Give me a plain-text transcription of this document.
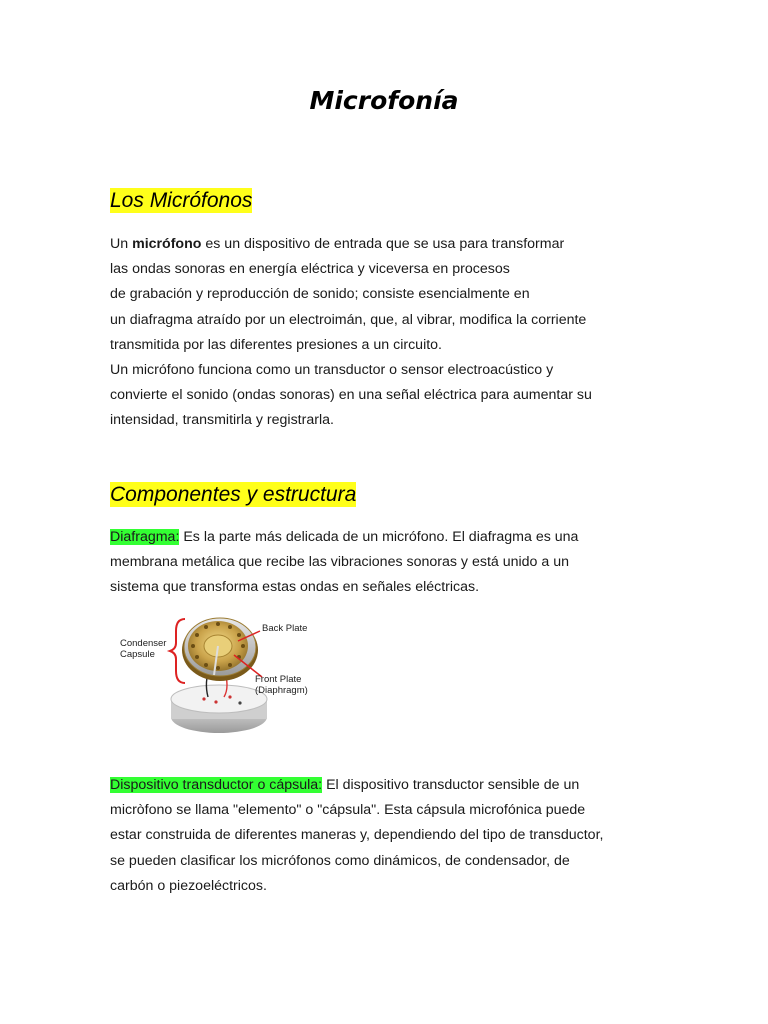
Microfonía
Los Micrófonos
Un micrófono es un dispositivo de entrada que se usa para transformar
las ondas sonoras en energía eléctrica y viceversa en procesos
de grabación y reproducción de sonido; consiste esencialmente en
un diafragma atraído por un electroimán, que, al vibrar, modifica la corriente
transmitida por las diferentes presiones a un circuito.
Un micrófono funciona como un transductor o sensor electroacústico y
convierte el sonido (ondas sonoras) en una señal eléctrica para aumentar su
intensidad, transmitirla y registrarla.
Componentes y estructura
Diafragma: Es la parte más delicada de un micrófono. El diafragma es una
membrana metálica que recibe las vibraciones sonoras y está unido a un
sistema que transforma estas ondas en señales eléctricas.
Condenser
Capsule
Back Plate
Front Plate
(Diaphragm)
Dispositivo transductor o cápsula: El dispositivo transductor sensible de un
micròfono se llama "elemento" o "cápsula". Esta cápsula microfónica puede
estar construida de diferentes maneras y, dependiendo del tipo de transductor,
se pueden clasificar los micrófonos como dinámicos, de condensador, de
carbón o piezoeléctricos.
